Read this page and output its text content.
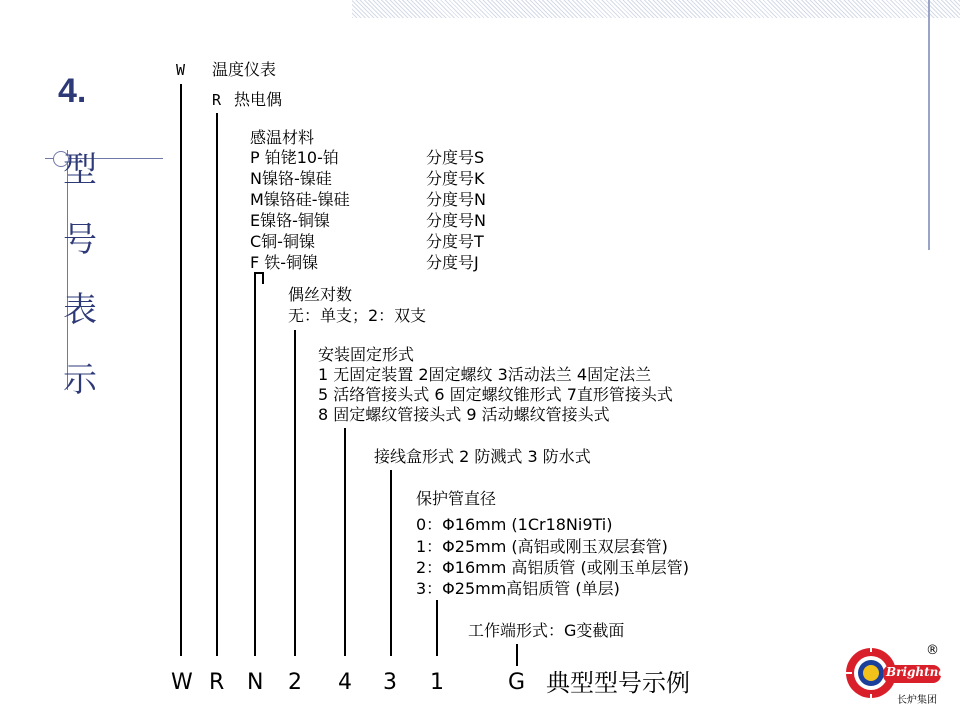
4.
型
号
表
示
W 温度仪表
R 热电偶
感温材料
P 铂铑10-铂	分度号S
N镍铬-镍硅	分度号K
M镍铬硅-镍硅	分度号N
E镍铬-铜镍	分度号N
C铜-铜镍	分度号T
F 铁-铜镍	分度号J
偶丝对数
无：单支；2：双支
安装固定形式
1 无固定装置 2固定螺纹 3活动法兰 4固定法兰
5 活络管接头式 6 固定螺纹锥形式 7直形管接头式
8 固定螺纹管接头式 9 活动螺纹管接头式
接线盒形式 2 防溅式 3 防水式
保护管直径
0：Φ16mm (1Cr18Ni9Ti)
1：Φ25mm (高铝或刚玉双层套管)
2：Φ16mm 高铝质管 (或刚玉单层管)
3：Φ25mm高铝质管 (单层)
工作端形式：G变截面
W R N 2 4 3 1	G 典型型号示例	Brightness
®
长炉集团
